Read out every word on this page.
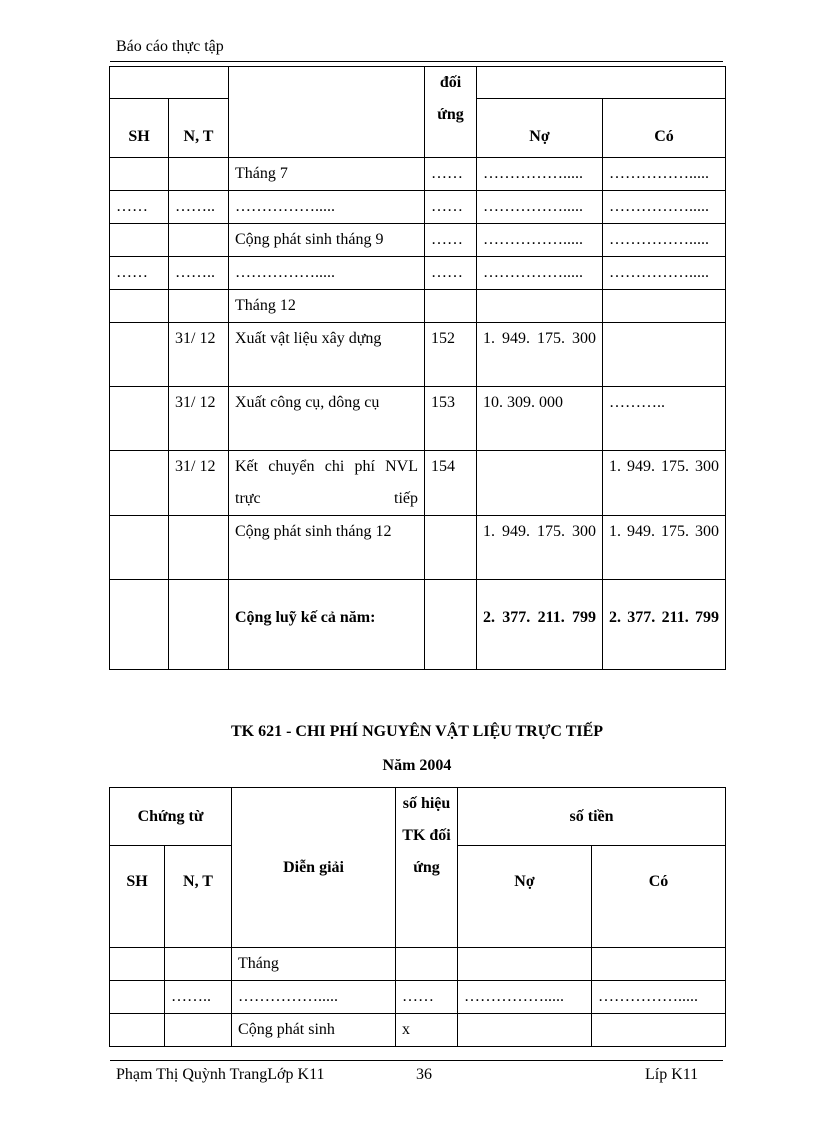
Báo cáo thực tập
			đối ứng		
SH	N, T			Nợ	Có
		Tháng 7	……	…………….....	…………….....
……	……..	…………….....	……	…………….....	…………….....
		Cộng phát sinh tháng 9	……	…………….....	…………….....
……	……..	…………….....	……	…………….....	…………….....
		Tháng 12			
	31/ 12	Xuất vật liệu xây dựng	152	1. 949. 175. 300	
	31/ 12	Xuất công cụ, dông cụ	153	10. 309. 000	………..
	31/ 12	Kết chuyển chi phí NVL trực tiếp	154		1. 949. 175. 300
		Cộng phát sinh tháng 12		1. 949. 175. 300	1. 949. 175. 300
		Cộng luỹ kế cả năm:		2. 377. 211. 799	2. 377. 211. 799
TK 621 - CHI PHÍ NGUYÊN VẬT LIỆU TRỰC TIẾP
Năm 2004
Chứng từ		Diễn giải	số hiệu TK đối ứng	số tiền	
SH	N, T			Nợ	Có
		Tháng			
	……..	…………….....	……	…………….....	…………….....
		Cộng phát sinh	x		
Phạm Thị Quỳnh TrangLớp K11	36	Líp K11
